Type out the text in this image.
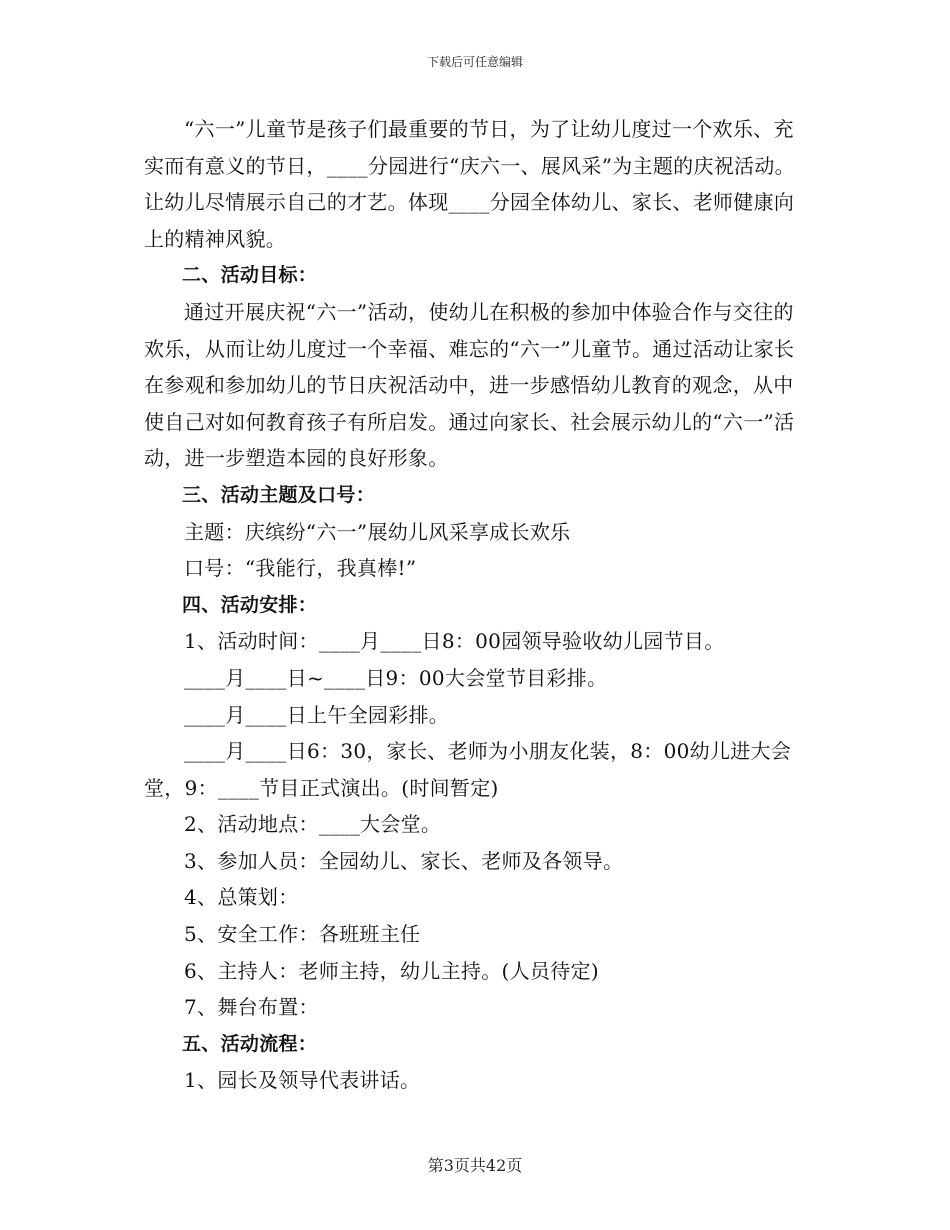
下载后可任意编辑

“六一”儿童节是孩子们最重要的节日，为了让幼儿度过一个欢乐、充实而有意义的节日，____分园进行“庆六一、展风采”为主题的庆祝活动。让幼儿尽情展示自己的才艺。体现____分园全体幼儿、家长、老师健康向上的精神风貌。

二、活动目标：

通过开展庆祝“六一”活动，使幼儿在积极的参加中体验合作与交往的欢乐，从而让幼儿度过一个幸福、难忘的“六一”儿童节。通过活动让家长在参观和参加幼儿的节日庆祝活动中，进一步感悟幼儿教育的观念，从中使自己对如何教育孩子有所启发。通过向家长、社会展示幼儿的“六一”活动，进一步塑造本园的良好形象。

三、活动主题及口号：

主题：庆缤纷“六一”展幼儿风采享成长欢乐

口号：“我能行，我真棒!”

四、活动安排：

1、活动时间：____月____日8：00园领导验收幼儿园节目。

____月____日~____日9：00大会堂节目彩排。

____月____日上午全园彩排。

____月____日6：30，家长、老师为小朋友化装，8：00幼儿进大会堂，9：____节目正式演出。(时间暂定)

2、活动地点：____大会堂。

3、参加人员：全园幼儿、家长、老师及各领导。

4、总策划：

5、安全工作：各班班主任

6、主持人：老师主持，幼儿主持。(人员待定)

7、舞台布置：

五、活动流程：

1、园长及领导代表讲话。

第3页共42页
